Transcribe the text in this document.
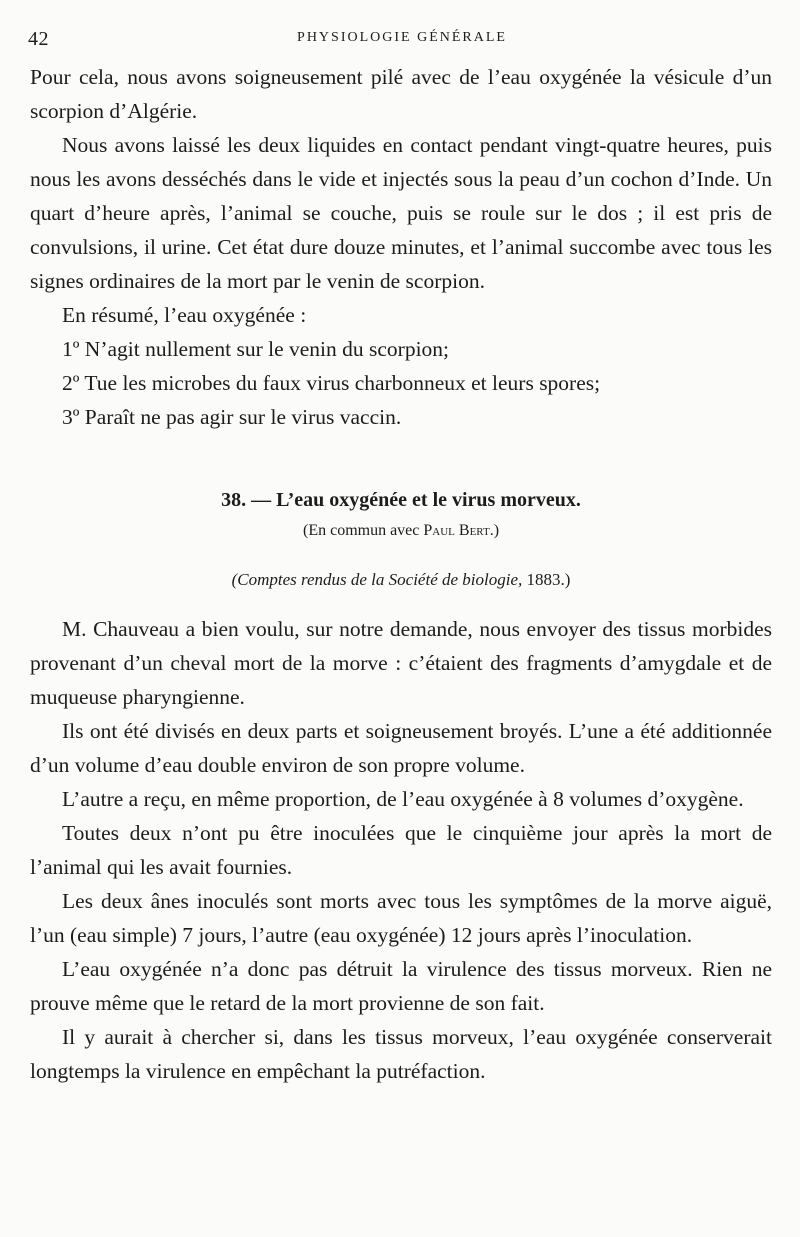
42	PHYSIOLOGIE GÉNÉRALE

Pour cela, nous avons soigneusement pilé avec de l’eau oxygénée la vésicule d’un scorpion d’Algérie.

Nous avons laissé les deux liquides en contact pendant vingt-quatre heures, puis nous les avons desséchés dans le vide et injectés sous la peau d’un cochon d’Inde. Un quart d’heure après, l’animal se couche, puis se roule sur le dos ; il est pris de convulsions, il urine. Cet état dure douze minutes, et l’animal succombe avec tous les signes ordinaires de la mort par le venin de scorpion.

En résumé, l’eau oxygénée :

1º N’agit nullement sur le venin du scorpion;

2º Tue les microbes du faux virus charbonneux et leurs spores;

3º Paraît ne pas agir sur le virus vaccin.

38. — L’eau oxygénée et le virus morveux.
(En commun avec Paul Bert.)
(Comptes rendus de la Société de biologie, 1883.)

M. Chauveau a bien voulu, sur notre demande, nous envoyer des tissus morbides provenant d’un cheval mort de la morve : c’étaient des fragments d’amygdale et de muqueuse pharyngienne.

Ils ont été divisés en deux parts et soigneusement broyés. L’une a été additionnée d’un volume d’eau double environ de son propre volume.

L’autre a reçu, en même proportion, de l’eau oxygénée à 8 volumes d’oxygène.

Toutes deux n’ont pu être inoculées que le cinquième jour après la mort de l’animal qui les avait fournies.

Les deux ânes inoculés sont morts avec tous les symptômes de la morve aiguë, l’un (eau simple) 7 jours, l’autre (eau oxygénée) 12 jours après l’inoculation.

L’eau oxygénée n’a donc pas détruit la virulence des tissus morveux. Rien ne prouve même que le retard de la mort provienne de son fait.

Il y aurait à chercher si, dans les tissus morveux, l’eau oxygénée conserverait longtemps la virulence en empêchant la putréfaction.
